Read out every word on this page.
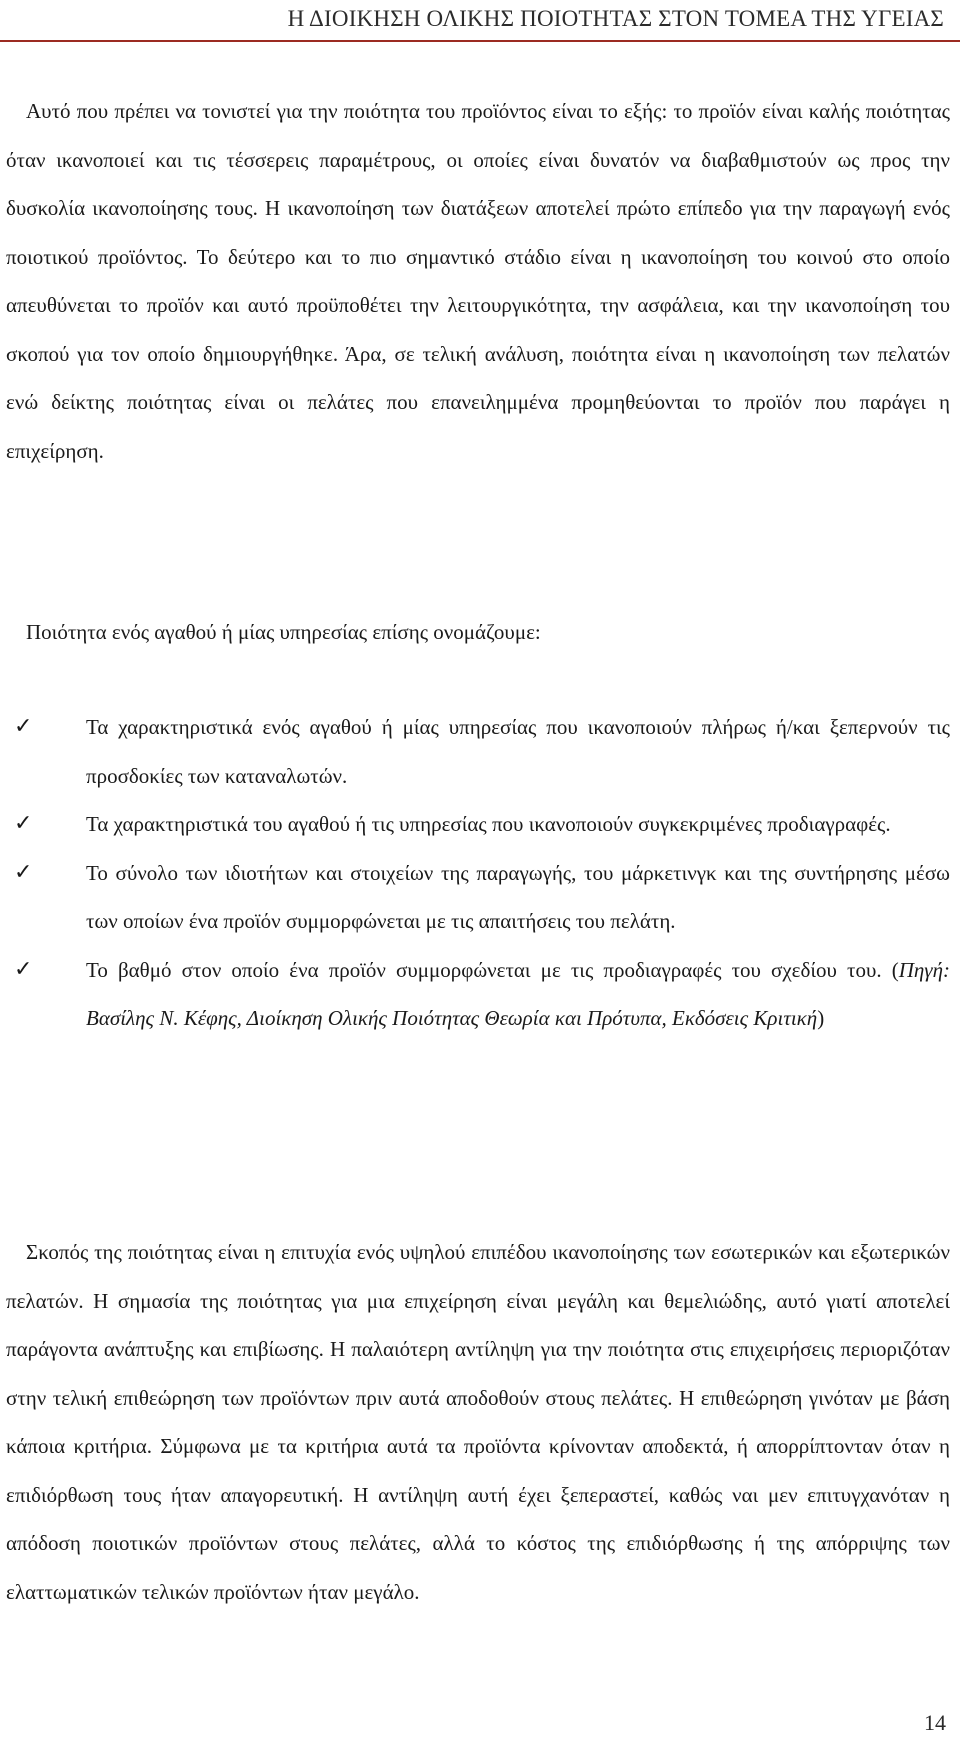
Η ΔΙΟΙΚΗΣΗ ΟΛΙΚΗΣ ΠΟΙΟΤΗΤΑΣ ΣΤΟΝ ΤΟΜΕΑ ΤΗΣ ΥΓΕΙΑΣ

Αυτό που πρέπει να τονιστεί για την ποιότητα του προϊόντος είναι το εξής: το προϊόν είναι καλής ποιότητας όταν ικανοποιεί και τις τέσσερεις παραμέτρους, οι οποίες είναι δυνατόν να διαβαθμιστούν ως προς την δυσκολία ικανοποίησης τους. Η ικανοποίηση των διατάξεων αποτελεί πρώτο επίπεδο για την παραγωγή ενός ποιοτικού προϊόντος. Το δεύτερο και το πιο σημαντικό στάδιο είναι η ικανοποίηση του κοινού στο οποίο απευθύνεται το προϊόν και αυτό προϋποθέτει την λειτουργικότητα, την ασφάλεια, και την ικανοποίηση του σκοπού για τον οποίο δημιουργήθηκε. Άρα, σε τελική ανάλυση, ποιότητα είναι η ικανοποίηση των πελατών ενώ δείκτης ποιότητας είναι οι πελάτες που επανειλημμένα προμηθεύονται το προϊόν που παράγει η επιχείρηση.

Ποιότητα ενός αγαθού ή μίας υπηρεσίας επίσης ονομάζουμε:

✓	Τα χαρακτηριστικά ενός αγαθού ή μίας υπηρεσίας που ικανοποιούν πλήρως ή/και ξεπερνούν τις προσδοκίες των καταναλωτών.
✓	Τα χαρακτηριστικά του αγαθού ή τις υπηρεσίας που ικανοποιούν συγκεκριμένες προδιαγραφές.
✓	Το σύνολο των ιδιοτήτων και στοιχείων της παραγωγής, του μάρκετινγκ και της συντήρησης μέσω των οποίων ένα προϊόν συμμορφώνεται με τις απαιτήσεις του πελάτη.
✓	Το βαθμό στον οποίο ένα προϊόν συμμορφώνεται με τις προδιαγραφές του σχεδίου του. (Πηγή: Βασίλης Ν. Κέφης, Διοίκηση Ολικής Ποιότητας Θεωρία και Πρότυπα, Εκδόσεις Κριτική)

Σκοπός της ποιότητας είναι η επιτυχία ενός υψηλού επιπέδου ικανοποίησης των εσωτερικών και εξωτερικών πελατών. Η σημασία της ποιότητας για μια επιχείρηση είναι μεγάλη και θεμελιώδης, αυτό γιατί αποτελεί παράγοντα ανάπτυξης και επιβίωσης. Η παλαιότερη αντίληψη για την ποιότητα στις επιχειρήσεις περιοριζόταν στην τελική επιθεώρηση των προϊόντων πριν αυτά αποδοθούν στους πελάτες. Η επιθεώρηση γινόταν με βάση κάποια κριτήρια. Σύμφωνα με τα κριτήρια αυτά τα προϊόντα κρίνονταν αποδεκτά, ή απορρίπτονταν όταν η επιδιόρθωση τους ήταν απαγορευτική. Η αντίληψη αυτή έχει ξεπεραστεί, καθώς ναι μεν επιτυγχανόταν η απόδοση ποιοτικών προϊόντων στους πελάτες, αλλά το κόστος της επιδιόρθωσης ή της απόρριψης των ελαττωματικών τελικών προϊόντων ήταν μεγάλο.

14
